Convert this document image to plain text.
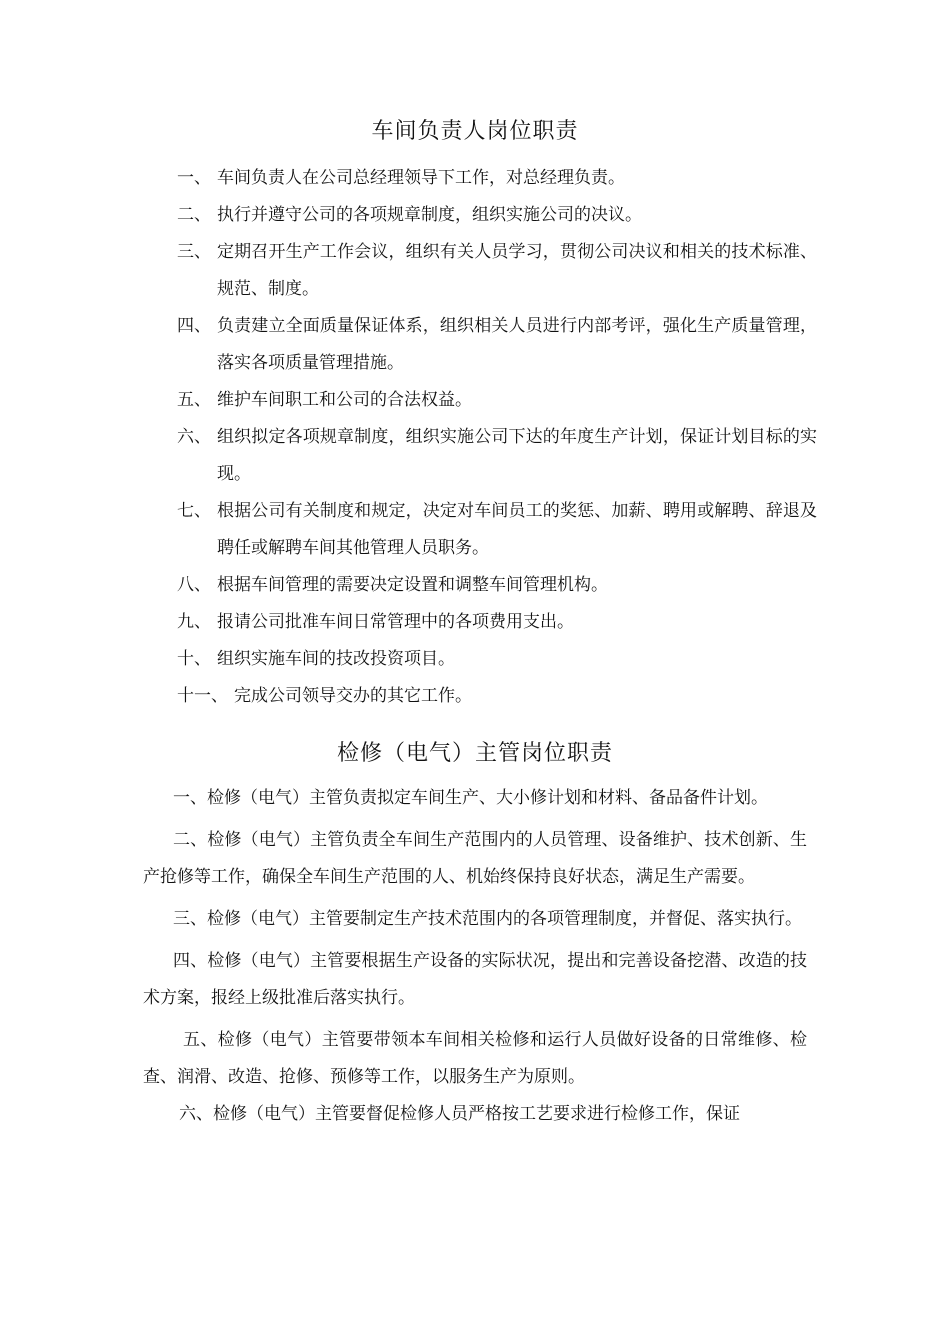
车间负责人岗位职责
一、 车间负责人在公司总经理领导下工作，对总经理负责。
二、 执行并遵守公司的各项规章制度，组织实施公司的决议。
三、 定期召开生产工作会议，组织有关人员学习，贯彻公司决议和相关的技术标准、规范、制度。
四、 负责建立全面质量保证体系，组织相关人员进行内部考评，强化生产质量管理，落实各项质量管理措施。
五、 维护车间职工和公司的合法权益。
六、 组织拟定各项规章制度，组织实施公司下达的年度生产计划，保证计划目标的实现。
七、 根据公司有关制度和规定，决定对车间员工的奖惩、加薪、聘用或解聘、辞退及聘任或解聘车间其他管理人员职务。
八、 根据车间管理的需要决定设置和调整车间管理机构。
九、 报请公司批准车间日常管理中的各项费用支出。
十、 组织实施车间的技改投资项目。
十一、 完成公司领导交办的其它工作。
检修（电气）主管岗位职责

一、检修（电气）主管负责拟定车间生产、大小修计划和材料、备品备件计划。

二、检修（电气）主管负责全车间生产范围内的人员管理、设备维护、技术创新、生产抢修等工作，确保全车间生产范围的人、机始终保持良好状态，满足生产需要。

三、检修（电气）主管要制定生产技术范围内的各项管理制度，并督促、落实执行。

四、检修（电气）主管要根据生产设备的实际状况，提出和完善设备挖潜、改造的技术方案，报经上级批准后落实执行。

五、检修（电气）主管要带领本车间相关检修和运行人员做好设备的日常维修、检查、润滑、改造、抢修、预修等工作，以服务生产为原则。

六、检修（电气）主管要督促检修人员严格按工艺要求进行检修工作，保证
